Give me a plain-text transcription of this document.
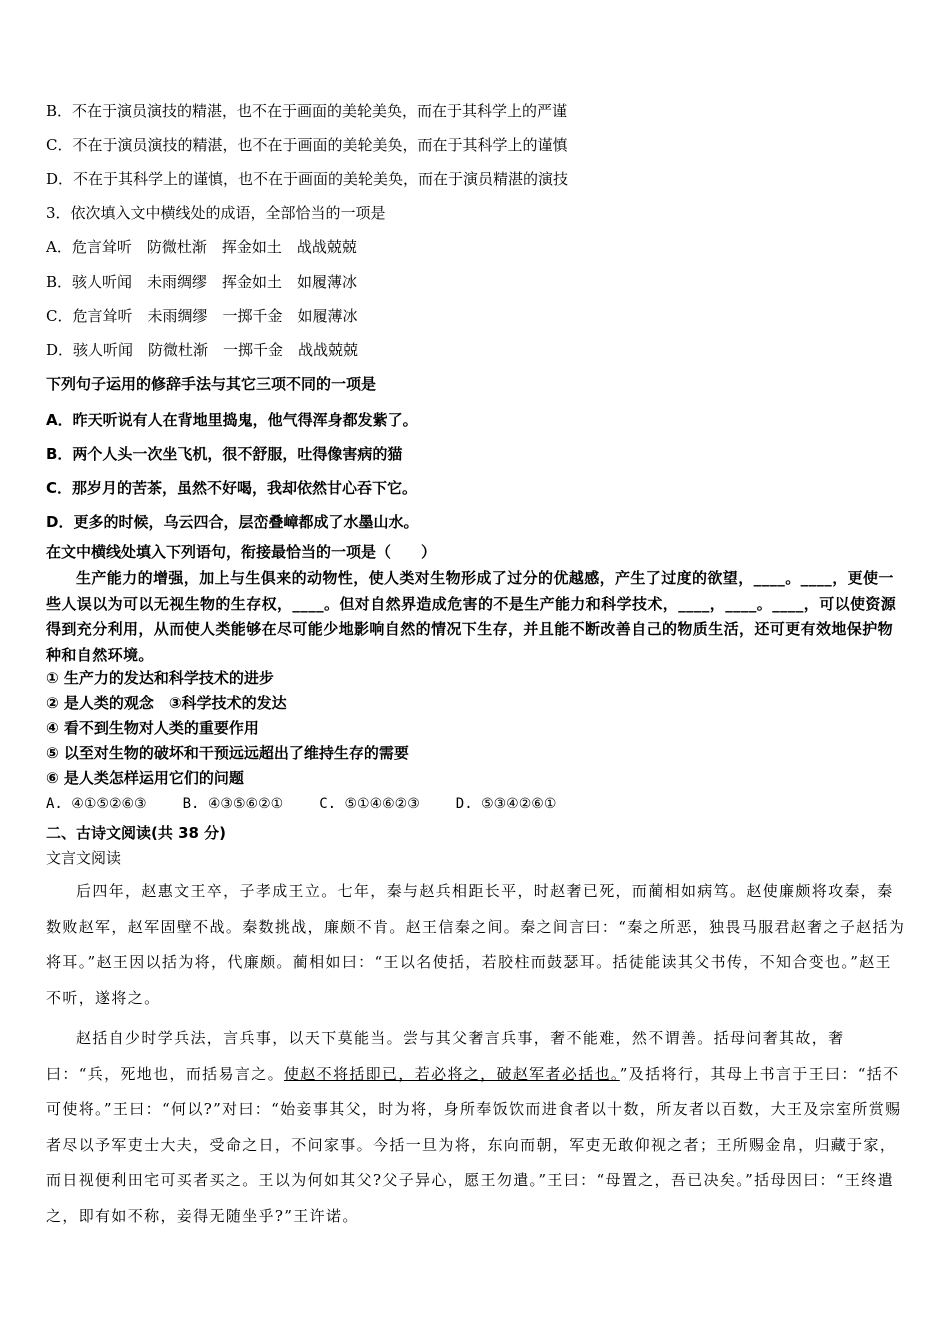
B．不在于演员演技的精湛，也不在于画面的美轮美奂，而在于其科学上的严谨
C．不在于演员演技的精湛，也不在于画面的美轮美奂，而在于其科学上的谨慎
D．不在于其科学上的谨慎，也不在于画面的美轮美奂，而在于演员精湛的演技
3．依次填入文中横线处的成语，全部恰当的一项是
A．危言耸听　防微杜渐　挥金如土　战战兢兢
B．骇人听闻　未雨绸缪　挥金如土　如履薄冰
C．危言耸听　未雨绸缪　一掷千金　如履薄冰
D．骇人听闻　防微杜渐　一掷千金　战战兢兢
下列句子运用的修辞手法与其它三项不同的一项是
A．昨天听说有人在背地里捣鬼，他气得浑身都发紫了。
B．两个人头一次坐飞机，很不舒服，吐得像害病的猫
C．那岁月的苦茶，虽然不好喝，我却依然甘心吞下它。
D．更多的时候，乌云四合，层峦叠嶂都成了水墨山水。
在文中横线处填入下列语句，衔接最恰当的一项是（　　）
生产能力的增强，加上与生俱来的动物性，使人类对生物形成了过分的优越感，产生了过度的欲望，____。____，更使一些人误以为可以无视生物的生存权，____。但对自然界造成危害的不是生产能力和科学技术，____，____。____，可以使资源得到充分利用，从而使人类能够在尽可能少地影响自然的情况下生存，并且能不断改善自己的物质生活，还可更有效地保护物种和自然环境。
① 生产力的发达和科学技术的进步
② 是人类的观念　③科学技术的发达
④ 看不到生物对人类的重要作用
⑤ 以至对生物的破坏和干预远远超出了维持生存的需要
⑥ 是人类怎样运用它们的问题
A. ④①⑤②⑥③	B. ④③⑤⑥②①	C. ⑤①④⑥②③	D. ⑤③④②⑥①
二、古诗文阅读(共 38 分)
文言文阅读
后四年，赵惠文王卒，子孝成王立。七年，秦与赵兵相距长平，时赵奢已死，而蔺相如病笃。赵使廉颇将攻秦，秦数败赵军，赵军固壁不战。秦数挑战，廉颇不肯。赵王信秦之间。秦之间言曰：“秦之所恶，独畏马服君赵奢之子赵括为将耳。”赵王因以括为将，代廉颇。蔺相如曰：“王以名使括，若胶柱而鼓瑟耳。括徒能读其父书传，不知合变也。”赵王不听，遂将之。
赵括自少时学兵法，言兵事，以天下莫能当。尝与其父奢言兵事，奢不能难，然不谓善。括母问奢其故，奢曰：“兵，死地也，而括易言之。使赵不将括即已，若必将之，破赵军者必括也。”及括将行，其母上书言于王曰：“括不可使将。”王曰：“何以?”对曰：“始妾事其父，时为将，身所奉饭饮而进食者以十数，所友者以百数，大王及宗室所赏赐者尽以予军吏士大夫，受命之日，不问家事。今括一旦为将，东向而朝，军吏无敢仰视之者；王所赐金帛，归藏于家，而日视便利田宅可买者买之。王以为何如其父?父子异心，愿王勿遣。”王曰：“母置之，吾已决矣。”括母因曰：“王终遣之，即有如不称，妾得无随坐乎?”王许诺。
